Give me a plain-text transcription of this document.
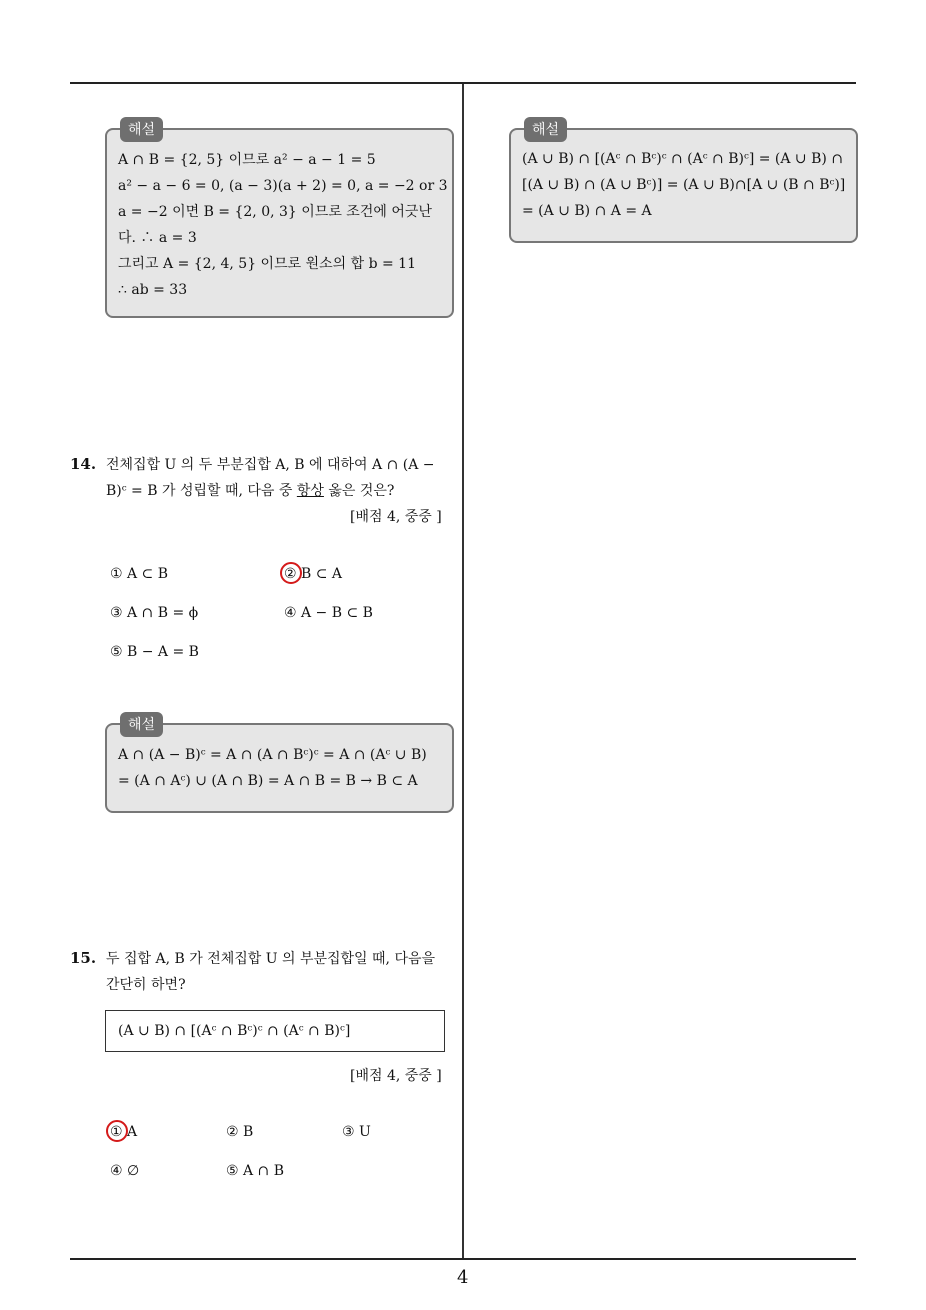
해설
A ∩ B = {2, 5} 이므로 a² − a − 1 = 5
a² − a − 6 = 0, (a − 3)(a + 2) = 0, a = −2 or 3
a = −2 이면 B = {2, 0, 3} 이므로 조건에 어긋난
다. ∴ a = 3
그리고 A = {2, 4, 5} 이므로 원소의 합 b = 11
∴ ab = 33
14. 전체집합 U 의 두 부분집합 A, B 에 대하여 A ∩ (A −
B)ᶜ = B 가 성립할 때, 다음 중 항상 옳은 것은?
[배점 4, 중중 ]
① A ⊂ B	② B ⊂ A
③ A ∩ B = ϕ	④ A − B ⊂ B
⑤ B − A = B
해설
A ∩ (A − B)ᶜ = A ∩ (A ∩ Bᶜ)ᶜ = A ∩ (Aᶜ ∪ B)
= (A ∩ Aᶜ) ∪ (A ∩ B) = A ∩ B = B → B ⊂ A
15. 두 집합 A, B 가 전체집합 U 의 부분집합일 때, 다음을
간단히 하면?
(A ∪ B) ∩ [(Aᶜ ∩ Bᶜ)ᶜ ∩ (Aᶜ ∩ B)ᶜ]
[배점 4, 중중 ]
① A	② B	③ U
④ ∅	⑤ A ∩ B
해설
(A ∪ B) ∩ [(Aᶜ ∩ Bᶜ)ᶜ ∩ (Aᶜ ∩ B)ᶜ] = (A ∪ B) ∩
[(A ∪ B) ∩ (A ∪ Bᶜ)] = (A ∪ B)∩[A ∪ (B ∩ Bᶜ)]
= (A ∪ B) ∩ A = A
4
